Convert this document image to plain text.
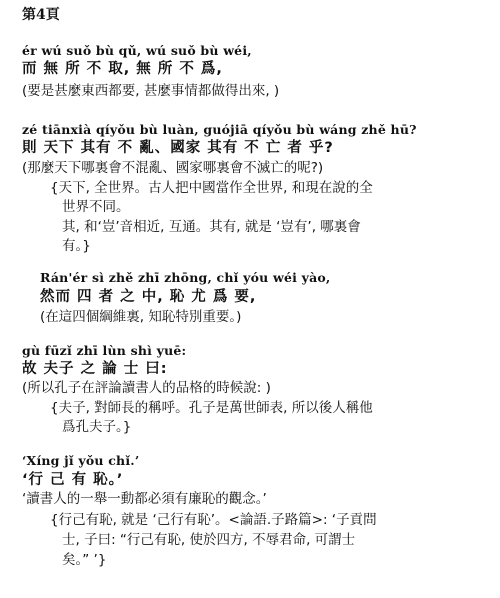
第4頁
ér wú suǒ bù qǔ, wú suǒ bù wéi,
而 無 所 不 取, 無 所 不 爲,
(要是甚麼東西都要, 甚麼事情都做得出來, )
zé tiānxià qíyǒu bù luàn, guójiā qíyǒu bù wáng zhě hū?
則 天下 其有 不 亂、國家 其有 不 亡 者 乎?
(那麼天下哪裏會不混亂、國家哪裏會不滅亡的呢?)
{天下, 全世界。古人把中國當作全世界, 和現在說的全
世界不同。
其, 和‘豈’音相近, 互通。其有, 就是 ‘豈有’, 哪裏會
有。}
Rán'ér sì zhě zhī zhōng, chǐ yóu wéi yào,
然而 四 者 之 中, 恥 尤 爲 要,
(在這四個綱維裏, 知恥特別重要。)
gù fūzǐ zhī lùn shì yuē:
故 夫子 之 論 士 曰:
(所以孔子在評論讀書人的品格的時候說: )
{夫子, 對師長的稱呼。孔子是萬世師表, 所以後人稱他
爲孔夫子。}
‘Xíng jǐ yǒu chǐ.’
‘行 己 有 恥。’
‘讀書人的一舉一動都必須有廉恥的觀念。’
{行己有恥, 就是 ‘己行有恥’。<論語.子路篇>: ‘子貢問
士, 子曰: “行己有恥, 使於四方, 不辱君命, 可謂士
矣。” ’}
